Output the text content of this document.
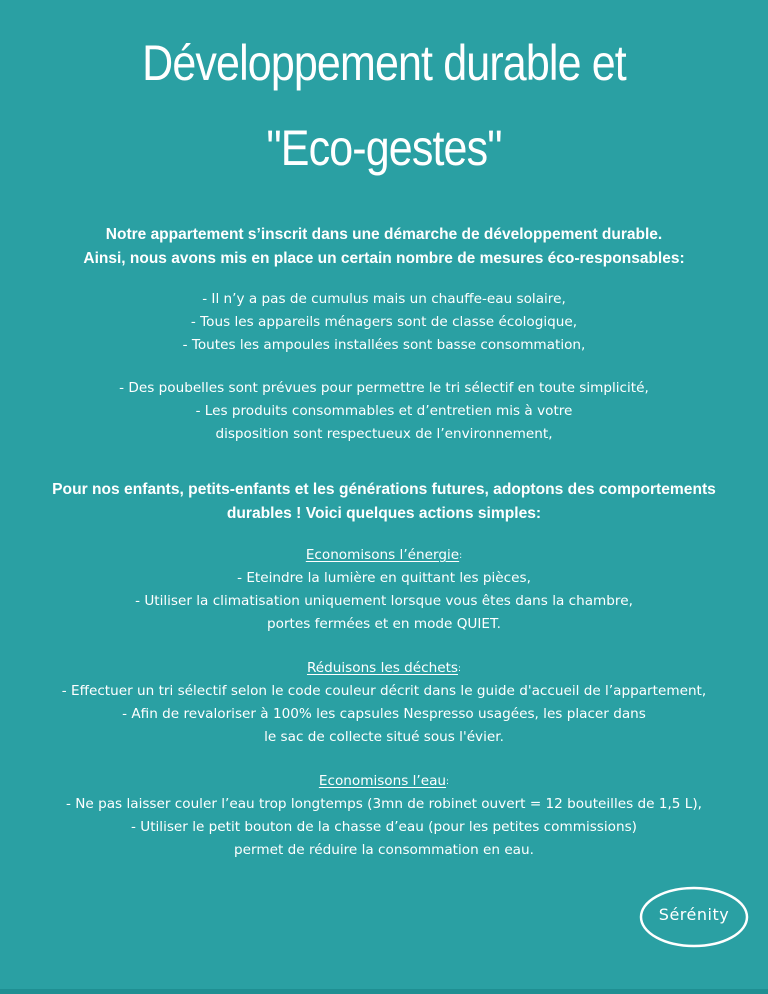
Développement durable et
"Eco-gestes"
Notre appartement s’inscrit dans une démarche de développement durable.
Ainsi, nous avons mis en place un certain nombre de mesures éco-responsables:
- Il n’y a pas de cumulus mais un chauffe-eau solaire,
- Tous les appareils ménagers sont de classe écologique,
- Toutes les ampoules installées sont basse consommation,
- Des poubelles sont prévues pour permettre le tri sélectif en toute simplicité,
- Les produits consommables et d’entretien mis à votre
disposition sont respectueux de l’environnement,
Pour nos enfants, petits-enfants et les générations futures, adoptons des comportements
durables ! Voici quelques actions simples:
Economisons l’énergie:
- Eteindre la lumière en quittant les pièces,
- Utiliser la climatisation uniquement lorsque vous êtes dans la chambre,
portes fermées et en mode QUIET.
Réduisons les déchets:
- Effectuer un tri sélectif selon le code couleur décrit dans le guide d'accueil de l’appartement,
- Afin de revaloriser à 100% les capsules Nespresso usagées, les placer dans
le sac de collecte situé sous l'évier.
Economisons l’eau:
- Ne pas laisser couler l’eau trop longtemps (3mn de robinet ouvert = 12 bouteilles de 1,5 L),
- Utiliser le petit bouton de la chasse d’eau (pour les petites commissions)
permet de réduire la consommation en eau.
Sérénity
